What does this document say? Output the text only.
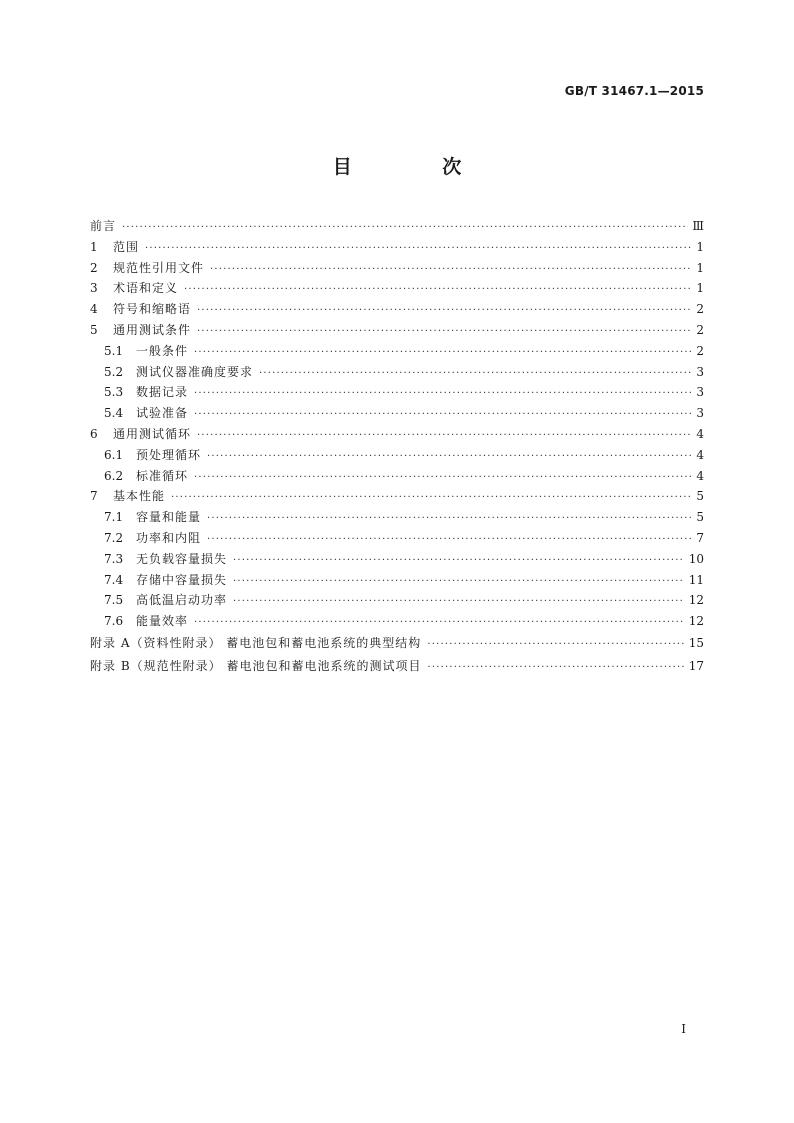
GB/T 31467.1—2015
目 次
前言 ·····	Ⅲ
1	范围 ·····	1
2	规范性引用文件 ·····	1
3	术语和定义 ·····	1
4	符号和缩略语 ·····	2
5	通用测试条件 ·····	2
5.1	一般条件 ·····	2
5.2	测试仪器准确度要求 ·····	3
5.3	数据记录 ·····	3
5.4	试验准备 ·····	3
6	通用测试循环 ·····	4
6.1	预处理循环 ·····	4
6.2	标准循环 ·····	4
7	基本性能 ·····	5
7.1	容量和能量 ·····	5
7.2	功率和内阻 ·····	7
7.3	无负载容量损失 ·····	10
7.4	存储中容量损失 ·····	11
7.5	高低温启动功率 ·····	12
7.6	能量效率 ·····	12
附录 A（资料性附录） 蓄电池包和蓄电池系统的典型结构 ·····	15
附录 B（规范性附录） 蓄电池包和蓄电池系统的测试项目 ·····	17
I
